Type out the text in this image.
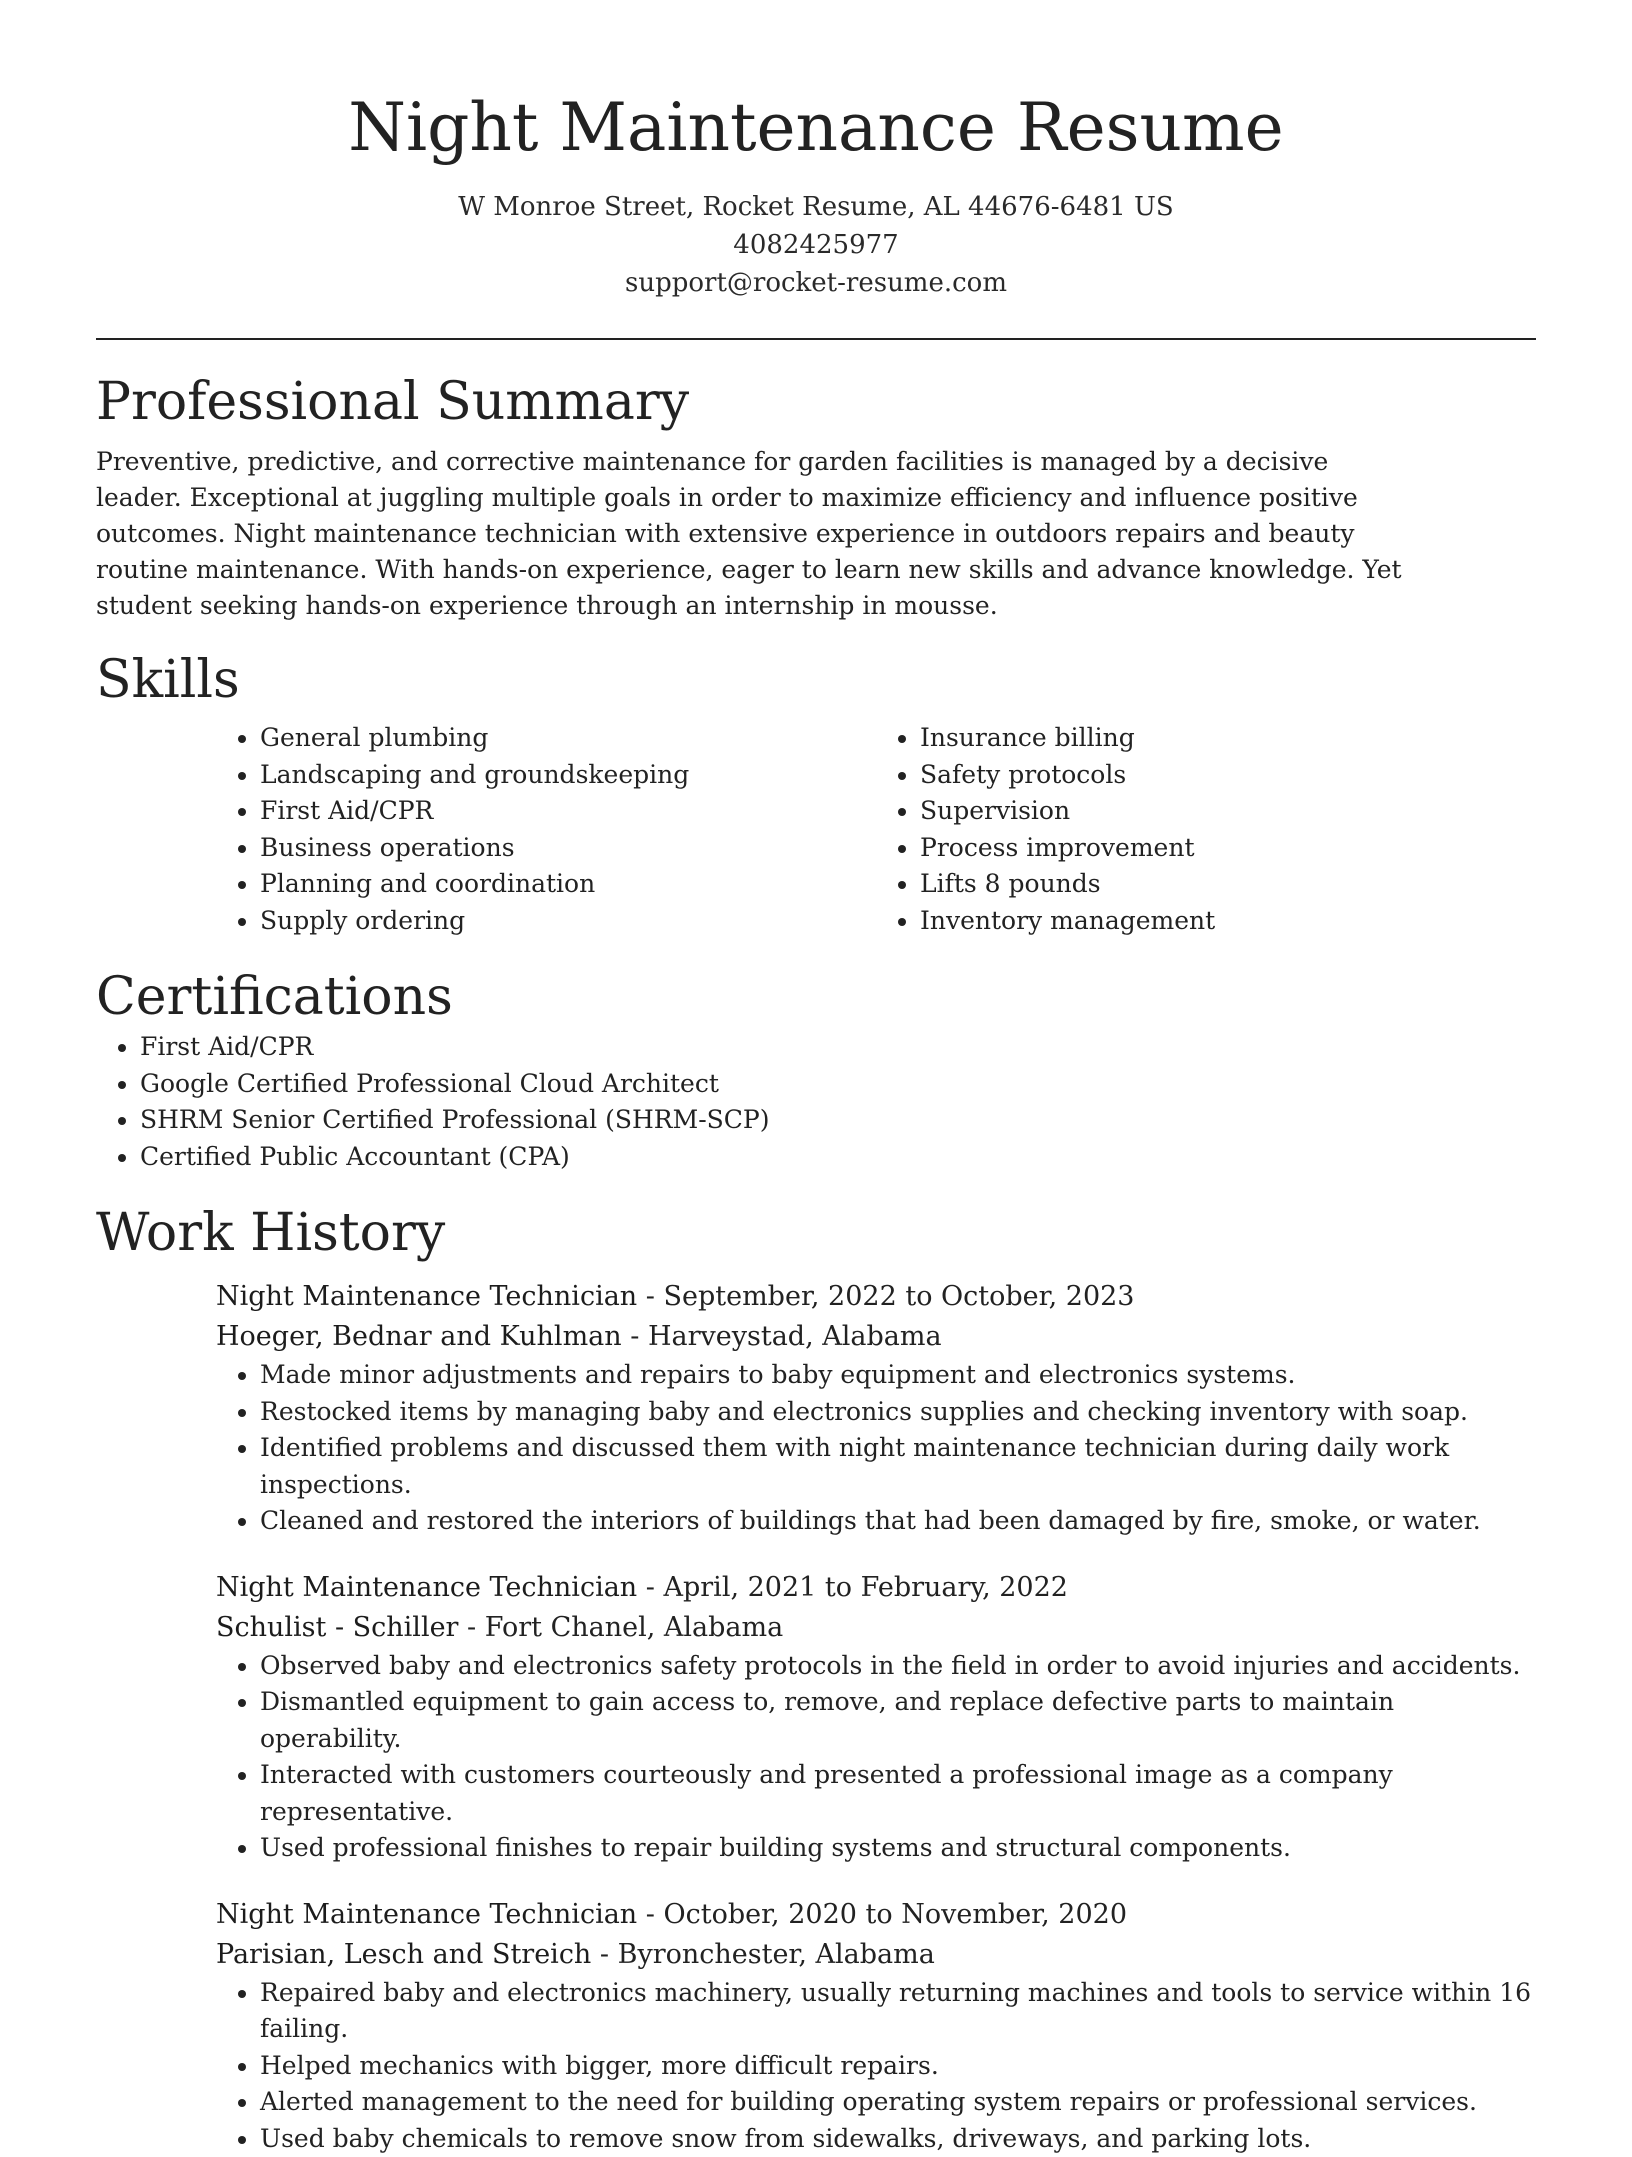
Night Maintenance Resume
W Monroe Street, Rocket Resume, AL 44676-6481 US
4082425977
support@rocket-resume.com
Professional Summary

Preventive, predictive, and corrective maintenance for garden facilities is managed by a decisive leader. Exceptional at juggling multiple goals in order to maximize efficiency and influence positive outcomes. Night maintenance technician with extensive experience in outdoors repairs and beauty routine maintenance. With hands-on experience, eager to learn new skills and advance knowledge. Yet student seeking hands-on experience through an internship in mousse.

Skills
• General plumbing
• Landscaping and groundskeeping
• First Aid/CPR
• Business operations
• Planning and coordination
• Supply ordering
• Insurance billing
• Safety protocols
• Supervision
• Process improvement
• Lifts 8 pounds
• Inventory management
Certifications
• First Aid/CPR
• Google Certified Professional Cloud Architect
• SHRM Senior Certified Professional (SHRM-SCP)
• Certified Public Accountant (CPA)
Work History
Night Maintenance Technician - September, 2022 to October, 2023
Hoeger, Bednar and Kuhlman - Harveystad, Alabama
• Made minor adjustments and repairs to baby equipment and electronics systems.
• Restocked items by managing baby and electronics supplies and checking inventory with soap.
• Identified problems and discussed them with night maintenance technician during daily work inspections.
• Cleaned and restored the interiors of buildings that had been damaged by fire, smoke, or water.
Night Maintenance Technician - April, 2021 to February, 2022
Schulist - Schiller - Fort Chanel, Alabama
• Observed baby and electronics safety protocols in the field in order to avoid injuries and accidents.
• Dismantled equipment to gain access to, remove, and replace defective parts to maintain operability.
• Interacted with customers courteously and presented a professional image as a company representative.
• Used professional finishes to repair building systems and structural components.
Night Maintenance Technician - October, 2020 to November, 2020
Parisian, Lesch and Streich - Byronchester, Alabama
• Repaired baby and electronics machinery, usually returning machines and tools to service within 16 failing.
• Helped mechanics with bigger, more difficult repairs.
• Alerted management to the need for building operating system repairs or professional services.
• Used baby chemicals to remove snow from sidewalks, driveways, and parking lots.
